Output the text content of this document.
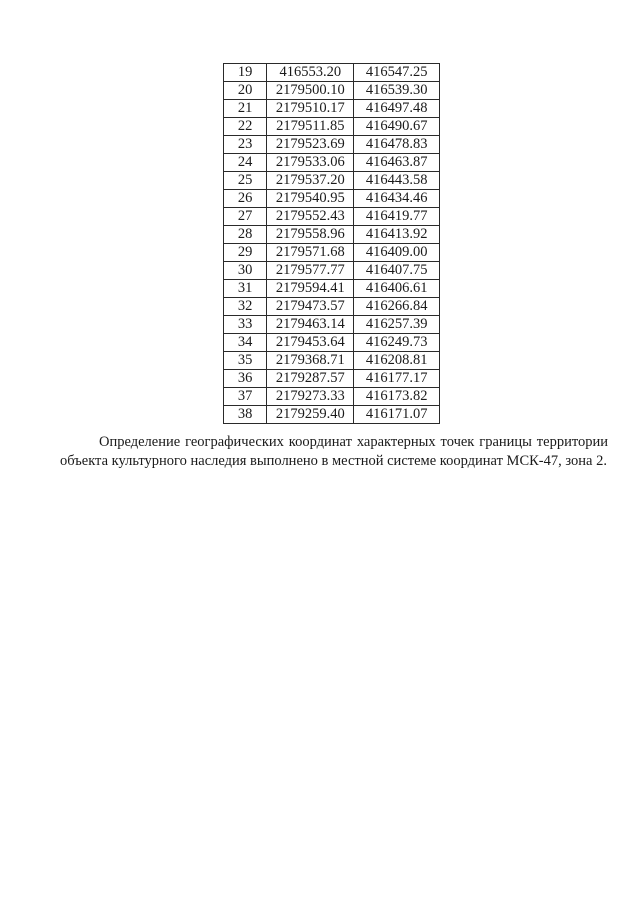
19	416553.20	416547.25
20	2179500.10	416539.30
21	2179510.17	416497.48
22	2179511.85	416490.67
23	2179523.69	416478.83
24	2179533.06	416463.87
25	2179537.20	416443.58
26	2179540.95	416434.46
27	2179552.43	416419.77
28	2179558.96	416413.92
29	2179571.68	416409.00
30	2179577.77	416407.75
31	2179594.41	416406.61
32	2179473.57	416266.84
33	2179463.14	416257.39
34	2179453.64	416249.73
35	2179368.71	416208.81
36	2179287.57	416177.17
37	2179273.33	416173.82
38	2179259.40	416171.07

Определение географических координат характерных точек границы территории объекта культурного наследия выполнено в местной системе координат МСК-47, зона 2.
